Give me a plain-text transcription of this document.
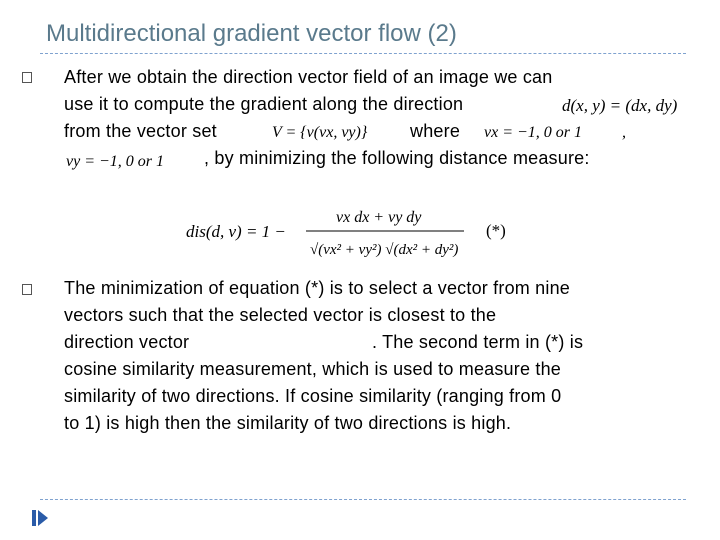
Multidirectional gradient vector flow (2)
After we obtain the direction vector field of an image we can
use it to compute the gradient along the direction
from the vector set	where
, by minimizing the following distance measure:
d(x, y) = (dx, dy)
V = {v(vx, vy)}	vx = −1, 0 or 1 ,
vy = −1, 0 or 1
dis(d, v) = 1 −
vx dx + vy dy
√(vx² + vy²) √(dx² + dy²)
(*)
The minimization of equation (*) is to select a vector from nine
vectors such that the selected vector is closest to the
direction vector	. The second term in (*) is
cosine similarity measurement, which is used to measure the
similarity of two directions. If cosine similarity (ranging from 0
to 1) is high then the similarity of two directions is high.
